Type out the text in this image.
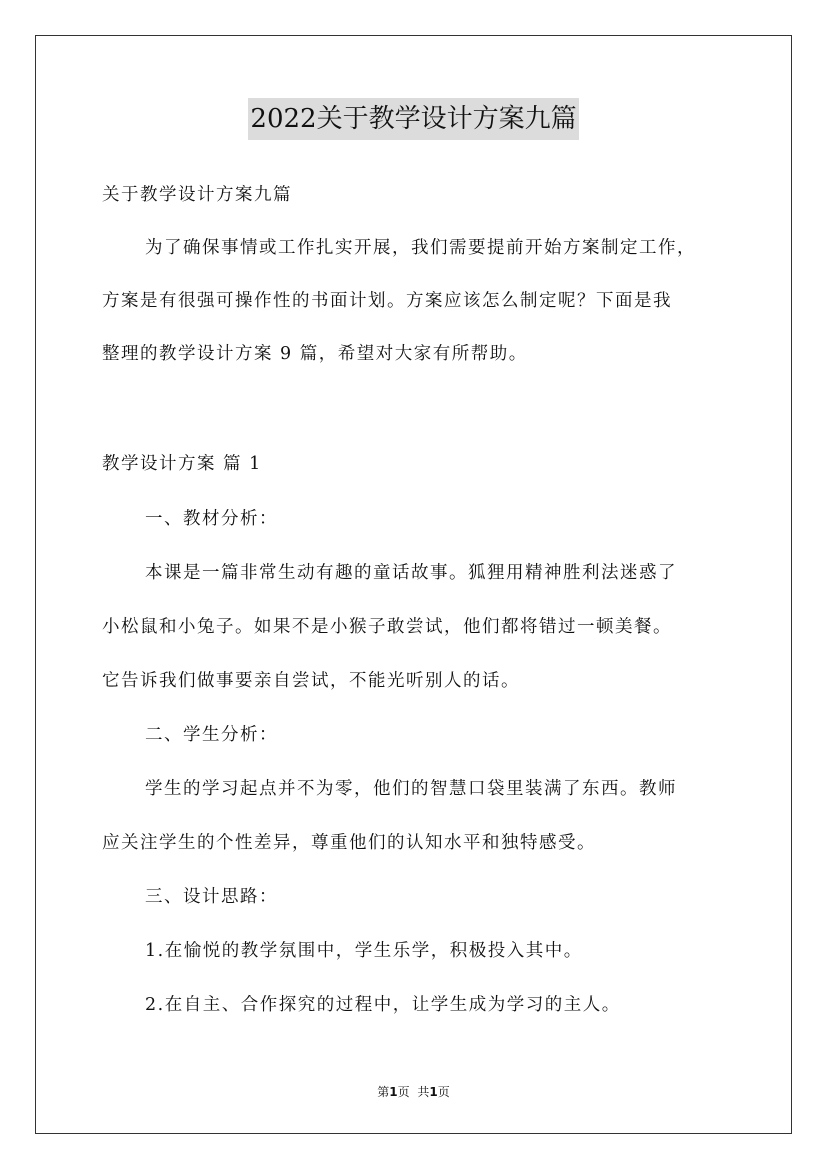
2022关于教学设计方案九篇
关于教学设计方案九篇
为了确保事情或工作扎实开展，我们需要提前开始方案制定工作，
方案是有很强可操作性的书面计划。方案应该怎么制定呢？下面是我
整理的教学设计方案 9 篇，希望对大家有所帮助。
教学设计方案 篇 1
一、教材分析：
本课是一篇非常生动有趣的童话故事。狐狸用精神胜利法迷惑了
小松鼠和小兔子。如果不是小猴子敢尝试，他们都将错过一顿美餐。
它告诉我们做事要亲自尝试，不能光听别人的话。
二、学生分析：
学生的学习起点并不为零，他们的智慧口袋里装满了东西。教师
应关注学生的个性差异，尊重他们的认知水平和独特感受。
三、设计思路：
1.在愉悦的教学氛围中，学生乐学，积极投入其中。
2.在自主、合作探究的过程中，让学生成为学习的主人。
第1页 共1页
